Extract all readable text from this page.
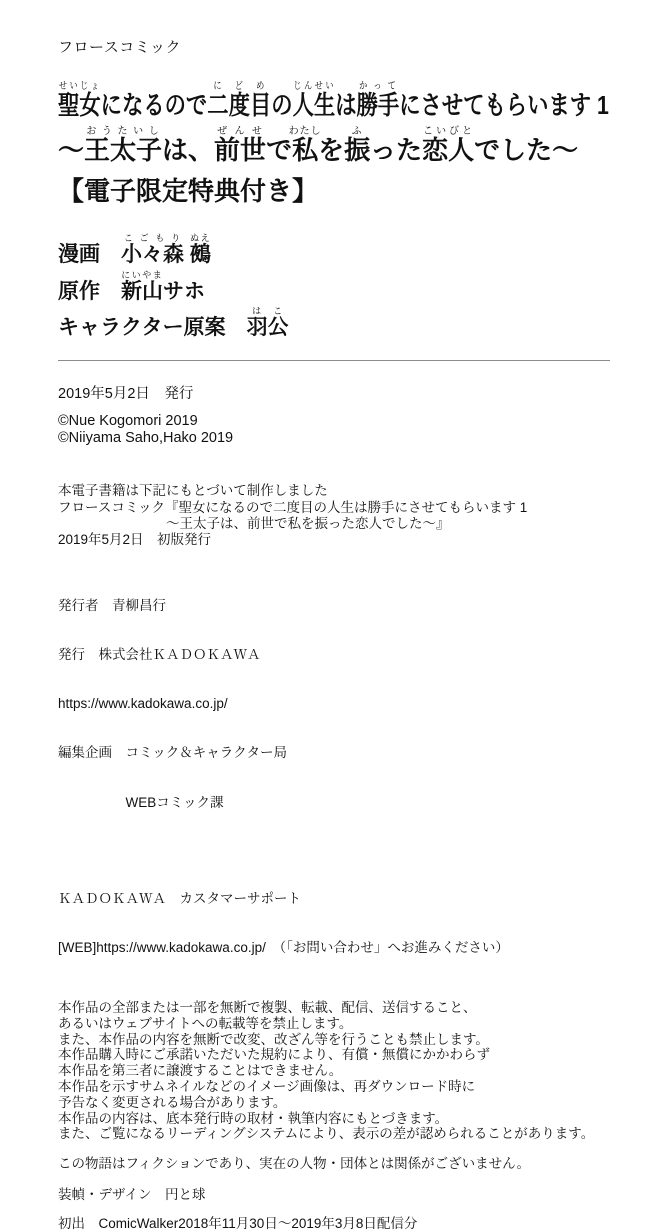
フロースコミック
聖女せいじょになるので二度目にどめの人生じんせいは勝手かってにさせてもらいます 1
～王太子おうたいしは、前世ぜんせで私わたしを振ふった恋人こいびとでした～
【電子限定特典付き】
漫画　小々森こごもり 鵺ぬえ
原作　新山にいやまサホ
キャラクター原案　羽公はこ
2019年5月2日　発行
©Nue Kogomori 2019
©Niiyama Saho,Hako 2019
本電子書籍は下記にもとづいて制作しました
フロースコミック『聖女になるので二度目の人生は勝手にさせてもらいます 1
　　　　　　　　～王太子は、前世で私を振った恋人でした～』
2019年5月2日　初版発行

発行者　青柳昌行

発行　株式会社ＫＡＤＯＫＡＷＡ

https://www.kadokawa.co.jp/

編集企画　コミック＆キャラクター局

　　　　　WEBコミック課

ＫＡＤＯＫＡＷＡ　カスタマーサポート

[WEB]https://www.kadokawa.co.jp/　（「お問い合わせ」へお進みください）

本作品の全部または一部を無断で複製、転載、配信、送信すること、
あるいはウェブサイトへの転載等を禁止します。
また、本作品の内容を無断で改変、改ざん等を行うことも禁止します。
本作品購入時にご承諾いただいた規約により、有償・無償にかかわらず
本作品を第三者に譲渡することはできません。
本作品を示すサムネイルなどのイメージ画像は、再ダウンロード時に
予告なく変更される場合があります。
本作品の内容は、底本発行時の取材・執筆内容にもとづきます。
また、ご覧になるリーディングシステムにより、表示の差が認められることがあります。
この物語はフィクションであり、実在の人物・団体とは関係がございません。
装幀・デザイン　円と球
初出　ComicWalker2018年11月30日～2019年3月8日配信分
